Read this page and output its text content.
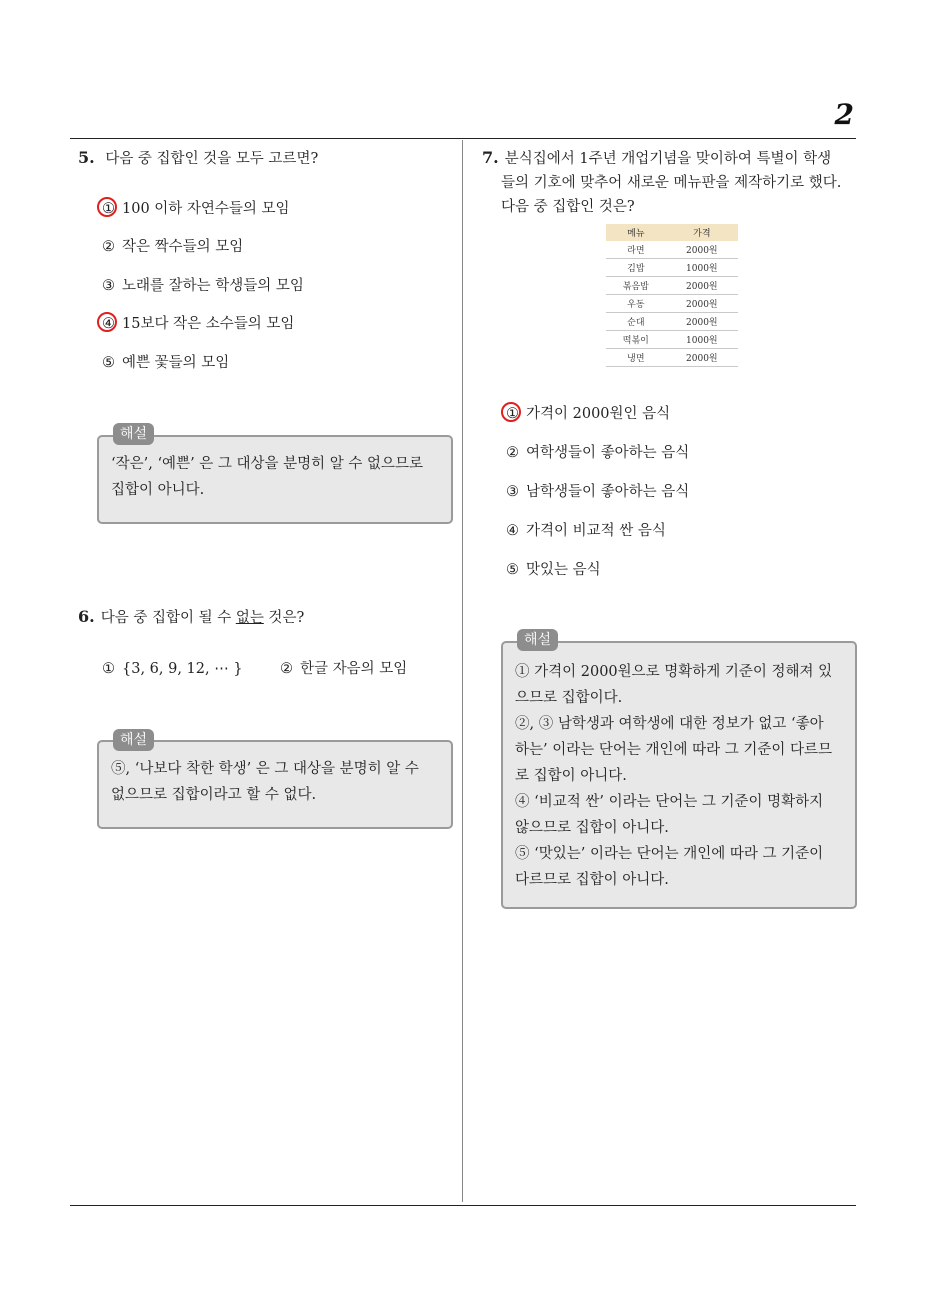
2
5. 다음 중 집합인 것을 모두 고르면?
① 100 이하 자연수들의 모임
② 작은 짝수들의 모임
③ 노래를 잘하는 학생들의 모임
④ 15보다 작은 소수들의 모임
⑤ 예쁜 꽃들의 모임
‘작은’, ‘예쁜’ 은 그 대상을 분명히 알 수 없으므로
집합이 아니다.
해설
6. 다음 중 집합이 될 수 없는 것은?
① {3, 6, 9, 12, ⋯ }	② 한글 자음의 모임
⑤, ‘나보다 착한 학생’ 은 그 대상을 분명히 알 수
없으므로 집합이라고 할 수 없다.
해설
7. 분식집에서 1주년 개업기념을 맞이하여 특별이 학생
들의 기호에 맞추어 새로운 메뉴판을 제작하기로 했다.
다음 중 집합인 것은?
메뉴	가격
라면	2000원
김밥	1000원
볶음밥	2000원
우동	2000원
순대	2000원
떡볶이	1000원
냉면	2000원
① 가격이 2000원인 음식
② 여학생들이 좋아하는 음식
③ 남학생들이 좋아하는 음식
④ 가격이 비교적 싼 음식
⑤ 맛있는 음식
① 가격이 2000원으로 명확하게 기준이 정해져 있
으므로 집합이다.
②, ③ 남학생과 여학생에 대한 정보가 없고 ‘좋아
하는’ 이라는 단어는 개인에 따라 그 기준이 다르므
로 집합이 아니다.
④ ‘비교적 싼’ 이라는 단어는 그 기준이 명확하지
않으므로 집합이 아니다.
⑤ ‘맛있는’ 이라는 단어는 개인에 따라 그 기준이
다르므로 집합이 아니다.
해설
